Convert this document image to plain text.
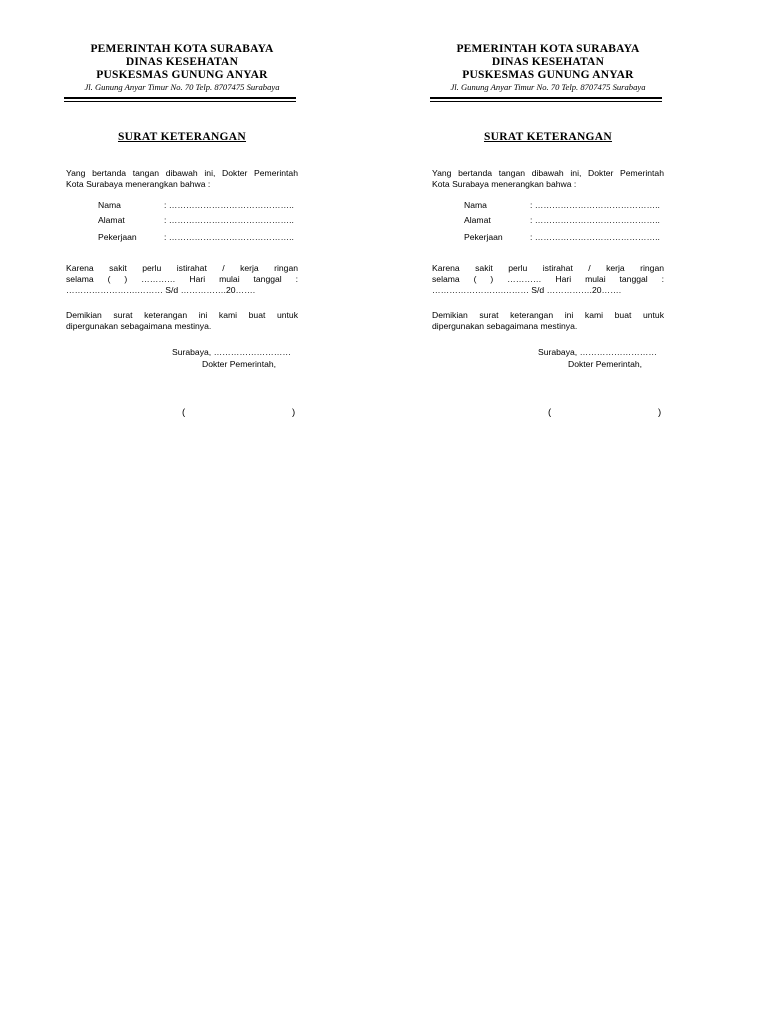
PEMERINTAH KOTA SURABAYA
DINAS KESEHATAN
PUSKESMAS GUNUNG ANYAR
Jl. Gunung Anyar Timur No. 70 Telp. 8707475 Surabaya
SURAT KETERANGAN
Yang bertanda tangan dibawah ini, Dokter Pemerintah
Kota Surabaya menerangkan bahwa :
Nama	: ……………………………………..
Alamat	: ……………………………………..
Pekerjaan	: ……………………………………..
Karena sakit perlu istirahat / kerja ringan
selama ( ) ………… Hari mulai tanggal :
…………………….……… S/d …………….20…….
Demikian surat keterangan ini kami buat untuk
dipergunakan sebagaimana mestinya.
Surabaya, ………………………
Dokter Pemerintah,
(	)
PEMERINTAH KOTA SURABAYA
DINAS KESEHATAN
PUSKESMAS GUNUNG ANYAR
Jl. Gunung Anyar Timur No. 70 Telp. 8707475 Surabaya
SURAT KETERANGAN
Yang bertanda tangan dibawah ini, Dokter Pemerintah
Kota Surabaya menerangkan bahwa :
Nama	: ……………………………………..
Alamat	: ……………………………………..
Pekerjaan	: ……………………………………..
Karena sakit perlu istirahat / kerja ringan
selama ( ) ………… Hari mulai tanggal :
…………………….……… S/d …………….20…….
Demikian surat keterangan ini kami buat untuk
dipergunakan sebagaimana mestinya.
Surabaya, ………………………
Dokter Pemerintah,
(	)
